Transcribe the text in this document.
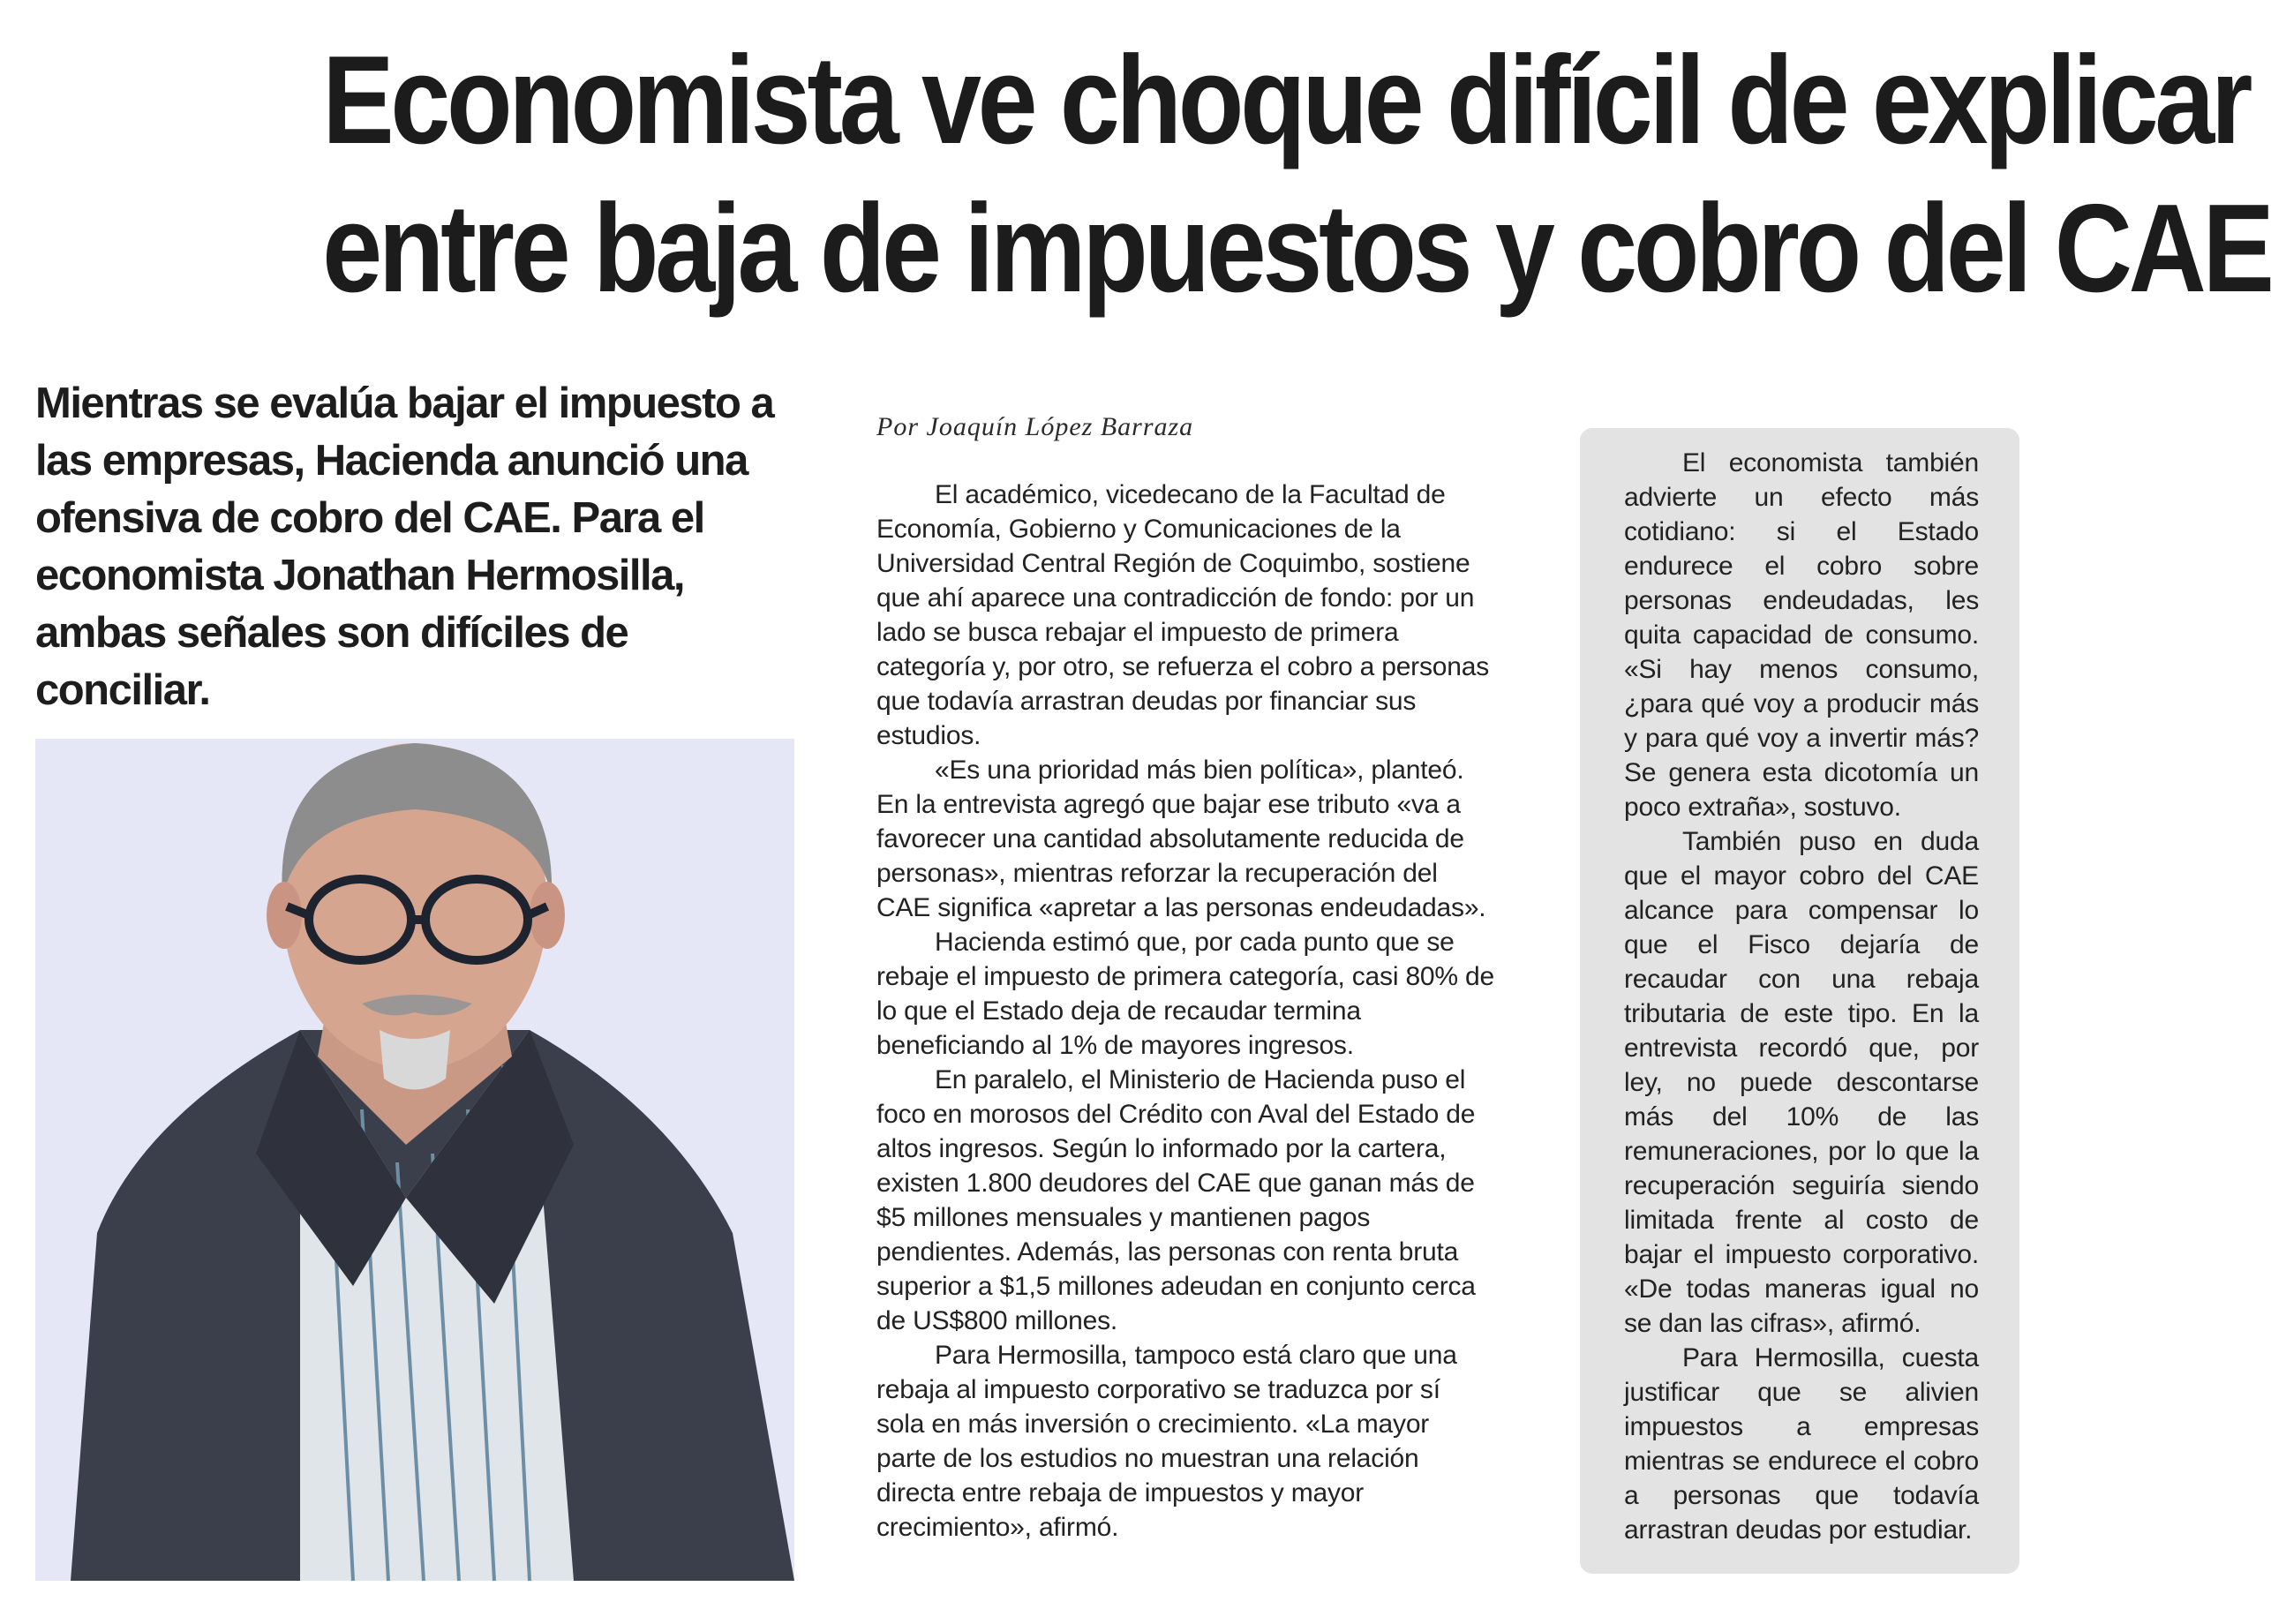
Economista ve choque difícil de explicar
entre baja de impuestos y cobro del CAE
Mientras se evalúa bajar el impuesto a las empresas, Hacienda anunció una ofensiva de cobro del CAE. Para el economista Jonathan Hermosilla, ambas señales son difíciles de conciliar.
Por Joaquín López Barraza

El académico, vicedecano de la Facultad de Economía, Gobierno y Comunicaciones de la Universidad Central Región de Coquimbo, sostiene que ahí aparece una contradicción de fondo: por un lado se busca rebajar el impuesto de primera categoría y, por otro, se refuerza el cobro a personas que todavía arrastran deudas por financiar sus estudios.

«Es una prioridad más bien política», planteó. En la entrevista agregó que bajar ese tributo «va a favorecer una cantidad absolutamente reducida de personas», mientras reforzar la recuperación del CAE significa «apretar a las personas endeudadas».

Hacienda estimó que, por cada punto que se rebaje el impuesto de primera categoría, casi 80% de lo que el Estado deja de recaudar termina beneficiando al 1% de mayores ingresos.

En paralelo, el Ministerio de Hacienda puso el foco en morosos del Crédito con Aval del Estado de altos ingresos. Según lo informado por la cartera, existen 1.800 deudores del CAE que ganan más de $5 millones mensuales y mantienen pagos pendientes. Además, las personas con renta bruta superior a $1,5 millones adeudan en conjunto cerca de US$800 millones.

Para Hermosilla, tampoco está claro que una rebaja al impuesto corporativo se traduzca por sí sola en más inversión o crecimiento. «La mayor parte de los estudios no muestran una relación directa entre rebaja de impuestos y mayor crecimiento», afirmó.

El economista también advierte un efecto más cotidiano: si el Estado endurece el cobro sobre personas endeudadas, les quita capacidad de consumo. «Si hay menos consumo, ¿para qué voy a producir más y para qué voy a invertir más? Se genera esta dicotomía un poco extraña», sostuvo.

También puso en duda que el mayor cobro del CAE alcance para compensar lo que el Fisco dejaría de recaudar con una rebaja tributaria de este tipo. En la entrevista recordó que, por ley, no puede descontarse más del 10% de las remuneraciones, por lo que la recuperación seguiría siendo limitada frente al costo de bajar el impuesto corporativo. «De todas maneras igual no se dan las cifras», afirmó.

Para Hermosilla, cuesta justificar que se alivien impuestos a empresas mientras se endurece el cobro a personas que todavía arrastran deudas por estudiar.
